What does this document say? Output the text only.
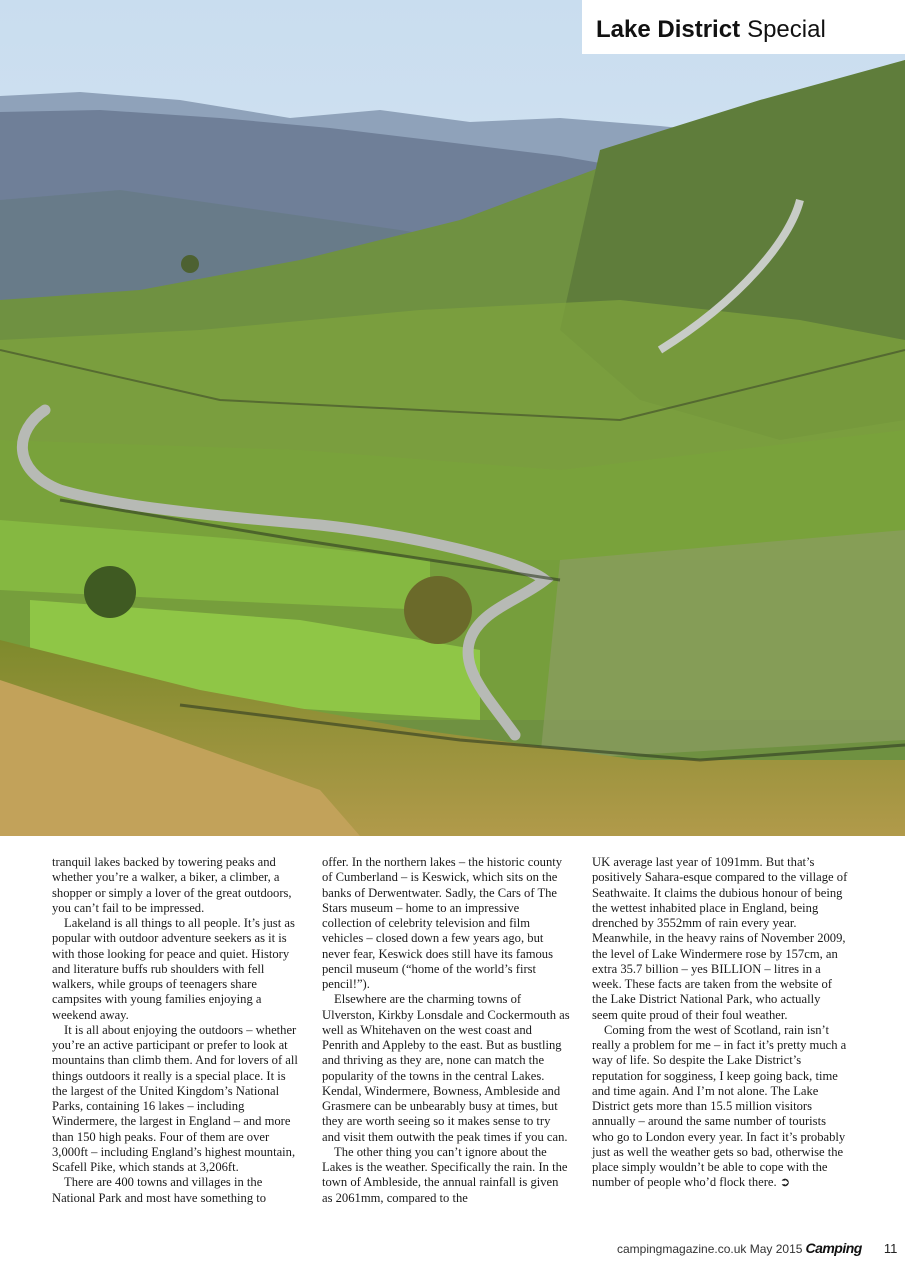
Lake District Special

tranquil lakes backed by towering peaks and whether you’re a walker, a biker, a climber, a shopper or simply a lover of the great outdoors, you can’t fail to be impressed.

Lakeland is all things to all people. It’s just as popular with outdoor adventure seekers as it is with those looking for peace and quiet. History and literature buffs rub shoulders with fell walkers, while groups of teenagers share campsites with young families enjoying a weekend away.

It is all about enjoying the outdoors – whether you’re an active participant or prefer to look at mountains than climb them. And for lovers of all things outdoors it really is a special place. It is the largest of the United Kingdom’s National Parks, containing 16 lakes – including Windermere, the largest in England – and more than 150 high peaks. Four of them are over 3,000ft – including England’s highest mountain, Scafell Pike, which stands at 3,206ft.

There are 400 towns and villages in the National Park and most have something to

offer. In the northern lakes – the historic county of Cumberland – is Keswick, which sits on the banks of Derwentwater. Sadly, the Cars of The Stars museum – home to an impressive collection of celebrity television and film vehicles – closed down a few years ago, but never fear, Keswick does still have its famous pencil museum (“home of the world’s first pencil!”).

Elsewhere are the charming towns of Ulverston, Kirkby Lonsdale and Cockermouth as well as Whitehaven on the west coast and Penrith and Appleby to the east. But as bustling and thriving as they are, none can match the popularity of the towns in the central Lakes. Kendal, Windermere, Bowness, Ambleside and Grasmere can be unbearably busy at times, but they are worth seeing so it makes sense to try and visit them outwith the peak times if you can.

The other thing you can’t ignore about the Lakes is the weather. Specifically the rain. In the town of Ambleside, the annual rainfall is given as 2061mm, compared to the

UK average last year of 1091mm. But that’s positively Sahara-esque compared to the village of Seathwaite. It claims the dubious honour of being the wettest inhabited place in England, being drenched by 3552mm of rain every year. Meanwhile, in the heavy rains of November 2009, the level of Lake Windermere rose by 157cm, an extra 35.7 billion – yes BILLION – litres in a week. These facts are taken from the website of the Lake District National Park, who actually seem quite proud of their foul weather.

Coming from the west of Scotland, rain isn’t really a problem for me – in fact it’s pretty much a way of life. So despite the Lake District’s reputation for sogginess, I keep going back, time and time again. And I’m not alone. The Lake District gets more than 15.5 million visitors annually – around the same number of tourists who go to London every year. In fact it’s probably just as well the weather gets so bad, otherwise the place simply wouldn’t be able to cope with the number of people who’d flock there. ➲

campingmagazine.co.uk May 2015 Camping 11
